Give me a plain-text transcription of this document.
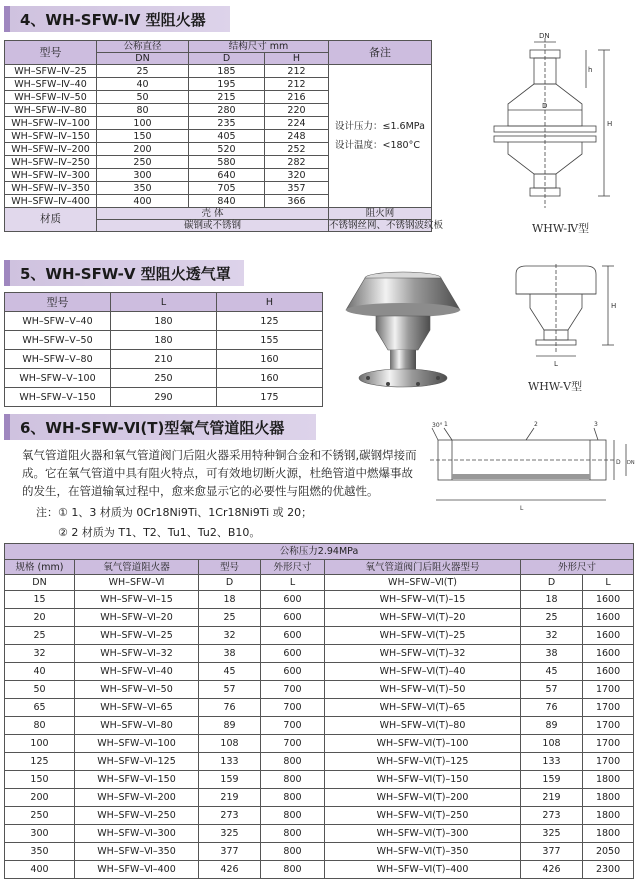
4、WH-SFW-Ⅳ 型阻火器
型号	公称直径	结构尺寸 mm		备注
	DN	D	H	
WH–SFW–Ⅳ–25	25	185	212	设计压力：≤1.6MPa
设计温度：<180°C

WH–SFW–Ⅳ–40	40	195	212	
WH–SFW–Ⅳ–50	50	215	216	
WH–SFW–Ⅳ–80	80	280	220	
WH–SFW–Ⅳ–100	100	235	224	
WH–SFW–Ⅳ–150	150	405	248	
WH–SFW–Ⅳ–200	200	520	252	
WH–SFW–Ⅳ–250	250	580	282	
WH–SFW–Ⅳ–300	300	640	320	
WH–SFW–Ⅳ–350	350	705	357	
WH–SFW–Ⅳ–400	400	840	366	
材质	壳 体			阻火网
	碳钢或不锈钢			不锈钢丝网、不锈钢波纹板
DN
D
H
h
WHW-Ⅳ型
5、WH-SFW-Ⅴ 型阻火透气罩
型号	L	H
WH–SFW–Ⅴ–40	180	125
WH–SFW–Ⅴ–50	180	155
WH–SFW–Ⅴ–80	210	160
WH–SFW–Ⅴ–100	250	160
WH–SFW–Ⅴ–150	290	175
H
L
WHW-Ⅴ型
6、WH-SFW-Ⅵ(T)型氧气管道阻火器
氧气管道阻火器和氧气管道阀门后阻火器采用特种铜合金和不锈钢,碳钢焊接而成。它在氧气管道中具有阻火特点，可有效地切断火源，杜绝管道中燃爆事故的发生，在管道输氧过程中，愈来愈显示它的必要性与阻燃的优越性。
注：① 1、3 材质为 0Cr18Ni9Ti、1Cr18Ni9Ti 或 20；
② 2 材质为 T1、T2、Tu1、Tu2、B10。
30° 1	2	3
D DN
L
公称压力2.94MPa						
规格 (mm)	氧气管道阻火器	型号	外形尺寸	氧气管道阀门后阻火器型号	外形尺寸	
DN	WH–SFW–Ⅵ	D	L	WH–SFW–Ⅵ(T)	D	L
15	WH–SFW–Ⅵ–15	18	600	WH–SFW–Ⅵ(T)–15	18	1600
20	WH–SFW–Ⅵ–20	25	600	WH–SFW–Ⅵ(T)–20	25	1600
25	WH–SFW–Ⅵ–25	32	600	WH–SFW–Ⅵ(T)–25	32	1600
32	WH–SFW–Ⅵ–32	38	600	WH–SFW–Ⅵ(T)–32	38	1600
40	WH–SFW–Ⅵ–40	45	600	WH–SFW–Ⅵ(T)–40	45	1600
50	WH–SFW–Ⅵ–50	57	700	WH–SFW–Ⅵ(T)–50	57	1700
65	WH–SFW–Ⅵ–65	76	700	WH–SFW–Ⅵ(T)–65	76	1700
80	WH–SFW–Ⅵ–80	89	700	WH–SFW–Ⅵ(T)–80	89	1700
100	WH–SFW–Ⅵ–100	108	700	WH–SFW–Ⅵ(T)–100	108	1700
125	WH–SFW–Ⅵ–125	133	800	WH–SFW–Ⅵ(T)–125	133	1700
150	WH–SFW–Ⅵ–150	159	800	WH–SFW–Ⅵ(T)–150	159	1800
200	WH–SFW–Ⅵ–200	219	800	WH–SFW–Ⅵ(T)–200	219	1800
250	WH–SFW–Ⅵ–250	273	800	WH–SFW–Ⅵ(T)–250	273	1800
300	WH–SFW–Ⅵ–300	325	800	WH–SFW–Ⅵ(T)–300	325	1800
350	WH–SFW–Ⅵ–350	377	800	WH–SFW–Ⅵ(T)–350	377	2050
400	WH–SFW–Ⅵ–400	426	800	WH–SFW–Ⅵ(T)–400	426	2300
